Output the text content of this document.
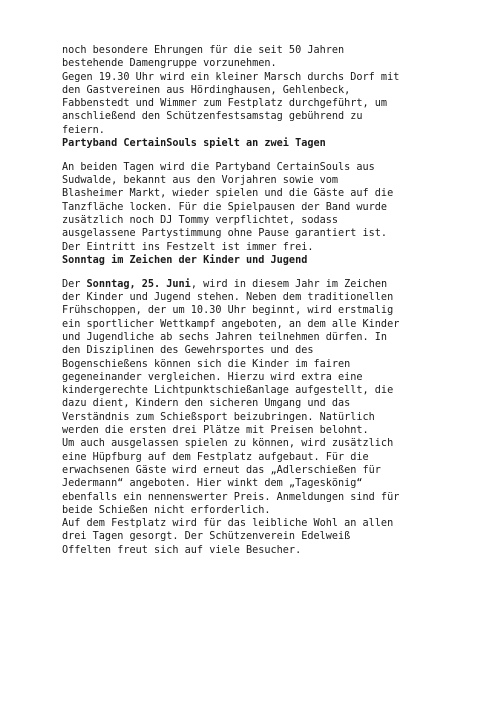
noch besondere Ehrungen für die seit 50 Jahren
bestehende Damengruppe vorzunehmen.
Gegen 19.30 Uhr wird ein kleiner Marsch durchs Dorf mit
den Gastvereinen aus Hördinghausen, Gehlenbeck,
Fabbenstedt und Wimmer zum Festplatz durchgeführt, um
anschließend den Schützenfestsamstag gebührend zu
feiern.
Partyband CertainSouls spielt an zwei Tagen
An beiden Tagen wird die Partyband CertainSouls aus
Sudwalde, bekannt aus den Vorjahren sowie vom
Blasheimer Markt, wieder spielen und die Gäste auf die
Tanzfläche locken. Für die Spielpausen der Band wurde
zusätzlich noch DJ Tommy verpflichtet, sodass
ausgelassene Partystimmung ohne Pause garantiert ist.
Der Eintritt ins Festzelt ist immer frei.
Sonntag im Zeichen der Kinder und Jugend
Der Sonntag, 25. Juni, wird in diesem Jahr im Zeichen
der Kinder und Jugend stehen. Neben dem traditionellen
Frühschoppen, der um 10.30 Uhr beginnt, wird erstmalig
ein sportlicher Wettkampf angeboten, an dem alle Kinder
und Jugendliche ab sechs Jahren teilnehmen dürfen. In
den Disziplinen des Gewehrsportes und des
Bogenschießens können sich die Kinder im fairen
gegeneinander vergleichen. Hierzu wird extra eine
kindergerechte Lichtpunktschießanlage aufgestellt, die
dazu dient, Kindern den sicheren Umgang und das
Verständnis zum Schießsport beizubringen. Natürlich
werden die ersten drei Plätze mit Preisen belohnt.
Um auch ausgelassen spielen zu können, wird zusätzlich
eine Hüpfburg auf dem Festplatz aufgebaut. Für die
erwachsenen Gäste wird erneut das „Adlerschießen für
Jedermann“ angeboten. Hier winkt dem „Tageskönig“
ebenfalls ein nennenswerter Preis. Anmeldungen sind für
beide Schießen nicht erforderlich.
Auf dem Festplatz wird für das leibliche Wohl an allen
drei Tagen gesorgt. Der Schützenverein Edelweiß
Offelten freut sich auf viele Besucher.
